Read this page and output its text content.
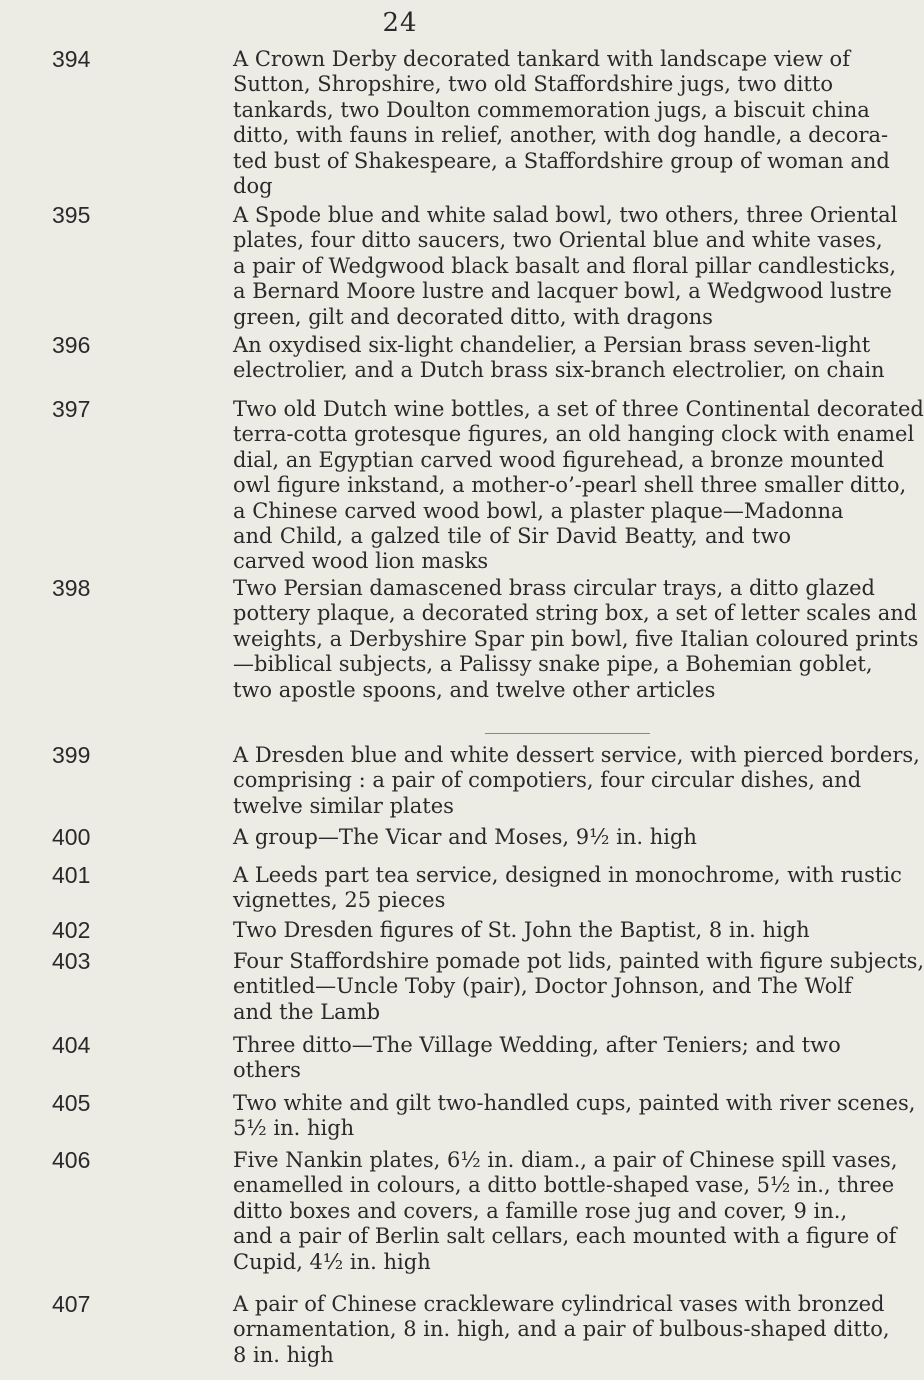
24
394	A Crown Derby decorated tankard with landscape view of
Sutton, Shropshire, two old Staffordshire jugs, two ditto
tankards, two Doulton commemoration jugs, a biscuit china
ditto, with fauns in relief, another, with dog handle, a decora-
ted bust of Shakespeare, a Staffordshire group of woman and
dog
395	A Spode blue and white salad bowl, two others, three Oriental
plates, four ditto saucers, two Oriental blue and white vases,
a pair of Wedgwood black basalt and floral pillar candlesticks,
a Bernard Moore lustre and lacquer bowl, a Wedgwood lustre
green, gilt and decorated ditto, with dragons
396	An oxydised six-light chandelier, a Persian brass seven-light
electrolier, and a Dutch brass six-branch electrolier, on chain
397	Two old Dutch wine bottles, a set of three Continental decorated
terra-cotta grotesque figures, an old hanging clock with enamel
dial, an Egyptian carved wood figurehead, a bronze mounted
owl figure inkstand, a mother-o’-pearl shell three smaller ditto,
a Chinese carved wood bowl, a plaster plaque—Madonna
and Child, a galzed tile of Sir David Beatty, and two
carved wood lion masks
398	Two Persian damascened brass circular trays, a ditto glazed
pottery plaque, a decorated string box, a set of letter scales and
weights, a Derbyshire Spar pin bowl, five Italian coloured prints
—biblical subjects, a Palissy snake pipe, a Bohemian goblet,
two apostle spoons, and twelve other articles
399	A Dresden blue and white dessert service, with pierced borders,
comprising : a pair of compotiers, four circular dishes, and
twelve similar plates
400	A group—The Vicar and Moses, 9½ in. high
401	A Leeds part tea service, designed in monochrome, with rustic
vignettes, 25 pieces
402	Two Dresden figures of St. John the Baptist, 8 in. high
403	Four Staffordshire pomade pot lids, painted with figure subjects,
entitled—Uncle Toby (pair), Doctor Johnson, and The Wolf
and the Lamb
404	Three ditto—The Village Wedding, after Teniers; and two
others
405	Two white and gilt two-handled cups, painted with river scenes,
5½ in. high
406	Five Nankin plates, 6½ in. diam., a pair of Chinese spill vases,
enamelled in colours, a ditto bottle-shaped vase, 5½ in., three
ditto boxes and covers, a famille rose jug and cover, 9 in.,
and a pair of Berlin salt cellars, each mounted with a figure of
Cupid, 4½ in. high
407	A pair of Chinese crackleware cylindrical vases with bronzed
ornamentation, 8 in. high, and a pair of bulbous-shaped ditto,
8 in. high
